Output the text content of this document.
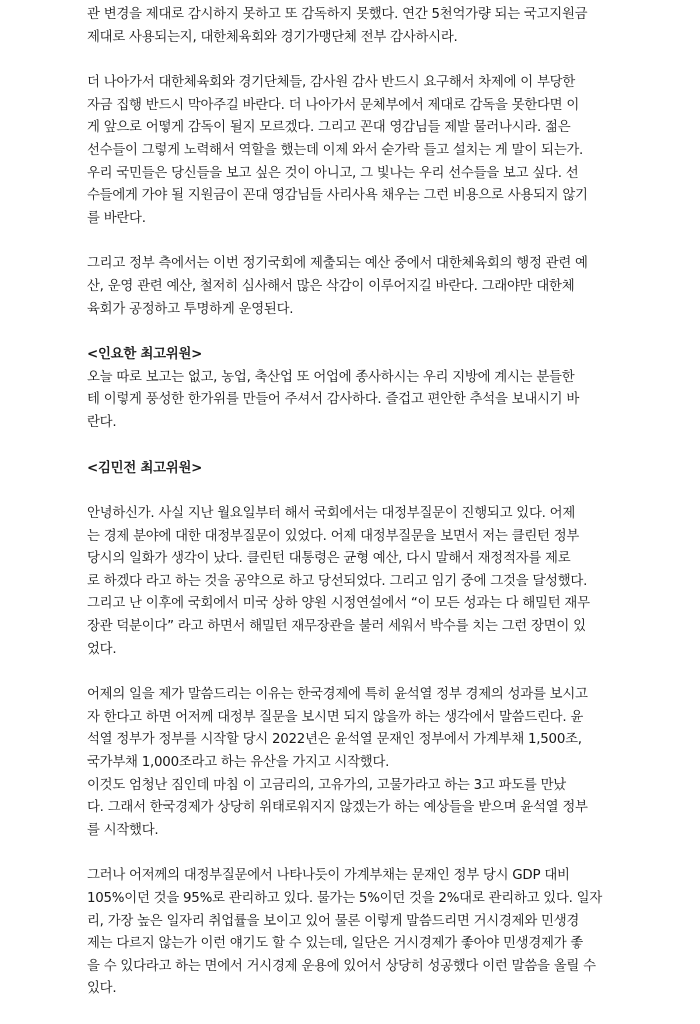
관 변경을 제대로 감시하지 못하고 또 감독하지 못했다. 연간 5천억가량 되는 국고지원금
제대로 사용되는지, 대한체육회와 경기가맹단체 전부 감사하시라.
더 나아가서 대한체육회와 경기단체들, 감사원 감사 반드시 요구해서 차제에 이 부당한
자금 집행 반드시 막아주길 바란다. 더 나아가서 문체부에서 제대로 감독을 못한다면 이
게 앞으로 어떻게 감독이 될지 모르겠다. 그리고 꼰대 영감님들 제발 물러나시라. 젊은
선수들이 그렇게 노력해서 역할을 했는데 이제 와서 숟가락 들고 설치는 게 말이 되는가.
우리 국민들은 당신들을 보고 싶은 것이 아니고, 그 빛나는 우리 선수들을 보고 싶다. 선
수들에게 가야 될 지원금이 꼰대 영감님들 사리사욕 채우는 그런 비용으로 사용되지 않기
를 바란다.
그리고 정부 측에서는 이번 정기국회에 제출되는 예산 중에서 대한체육회의 행정 관련 예
산, 운영 관련 예산, 철저히 심사해서 많은 삭감이 이루어지길 바란다. 그래야만 대한체
육회가 공정하고 투명하게 운영된다.
<인요한 최고위원>
오늘 따로 보고는 없고, 농업, 축산업 또 어업에 종사하시는 우리 지방에 계시는 분들한
테 이렇게 풍성한 한가위를 만들어 주셔서 감사하다. 즐겁고 편안한 추석을 보내시기 바
란다.
<김민전 최고위원>
안녕하신가. 사실 지난 월요일부터 해서 국회에서는 대정부질문이 진행되고 있다. 어제
는 경제 분야에 대한 대정부질문이 있었다. 어제 대정부질문을 보면서 저는 클린턴 정부
당시의 일화가 생각이 났다. 클린턴 대통령은 균형 예산, 다시 말해서 재정적자를 제로
로 하겠다 라고 하는 것을 공약으로 하고 당선되었다. 그리고 임기 중에 그것을 달성했다.
그리고 난 이후에 국회에서 미국 상하 양원 시정연설에서 “이 모든 성과는 다 해밀턴 재무
장관 덕분이다” 라고 하면서 해밀턴 재무장관을 불러 세워서 박수를 치는 그런 장면이 있
었다.
어제의 일을 제가 말씀드리는 이유는 한국경제에 특히 윤석열 정부 경제의 성과를 보시고
자 한다고 하면 어저께 대정부 질문을 보시면 되지 않을까 하는 생각에서 말씀드린다. 윤
석열 정부가 정부를 시작할 당시 2022년은 윤석열 문재인 정부에서 가계부채 1,500조,
국가부채 1,000조라고 하는 유산을 가지고 시작했다.
이것도 엄청난 짐인데 마침 이 고금리의, 고유가의, 고물가라고 하는 3고 파도를 만났
다. 그래서 한국경제가 상당히 위태로워지지 않겠는가 하는 예상들을 받으며 윤석열 정부
를 시작했다.
그러나 어저께의 대정부질문에서 나타나듯이 가계부채는 문재인 정부 당시 GDP 대비
105%이던 것을 95%로 관리하고 있다. 물가는 5%이던 것을 2%대로 관리하고 있다. 일자
리, 가장 높은 일자리 취업률을 보이고 있어 물론 이렇게 말씀드리면 거시경제와 민생경
제는 다르지 않는가 이런 얘기도 할 수 있는데, 일단은 거시경제가 좋아야 민생경제가 좋
을 수 있다라고 하는 면에서 거시경제 운용에 있어서 상당히 성공했다 이런 말씀을 올릴 수
있다.
